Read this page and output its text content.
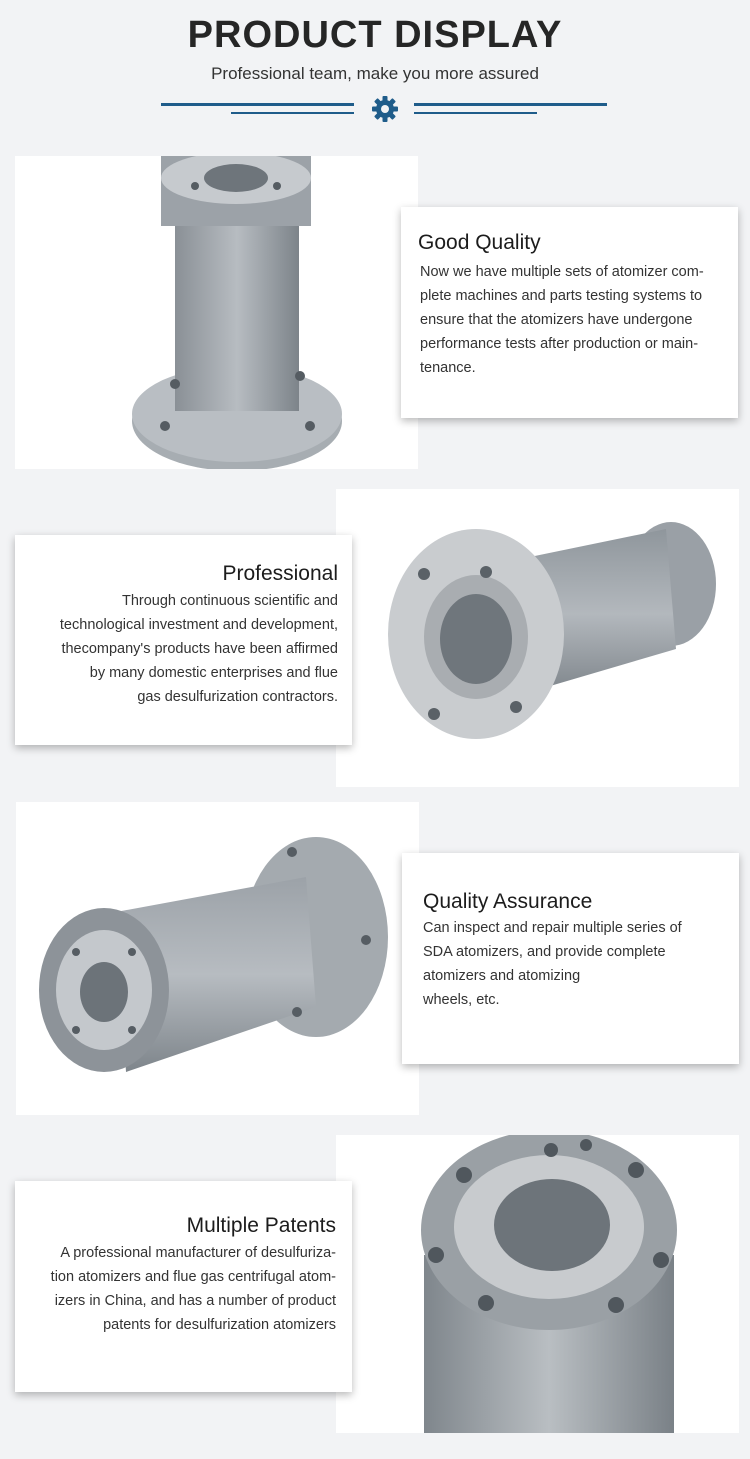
PRODUCT DISPLAY
Professional team, make you more assured
Good Quality

Now we have multiple sets of atomizer com-

plete machines and parts testing systems to

ensure that the atomizers have undergone

performance tests after production or main-

tenance.

Professional

Through continuous scientific and

technological investment and development,

thecompany's products have been affirmed

by many domestic enterprises and flue

gas desulfurization contractors.

Quality Assurance

Can inspect and repair multiple series of

SDA atomizers, and provide complete

atomizers and atomizing

wheels, etc.

Multiple Patents

A professional manufacturer of desulfuriza-

tion atomizers and flue gas centrifugal atom-

izers in China, and has a number of product

patents for desulfurization atomizers
